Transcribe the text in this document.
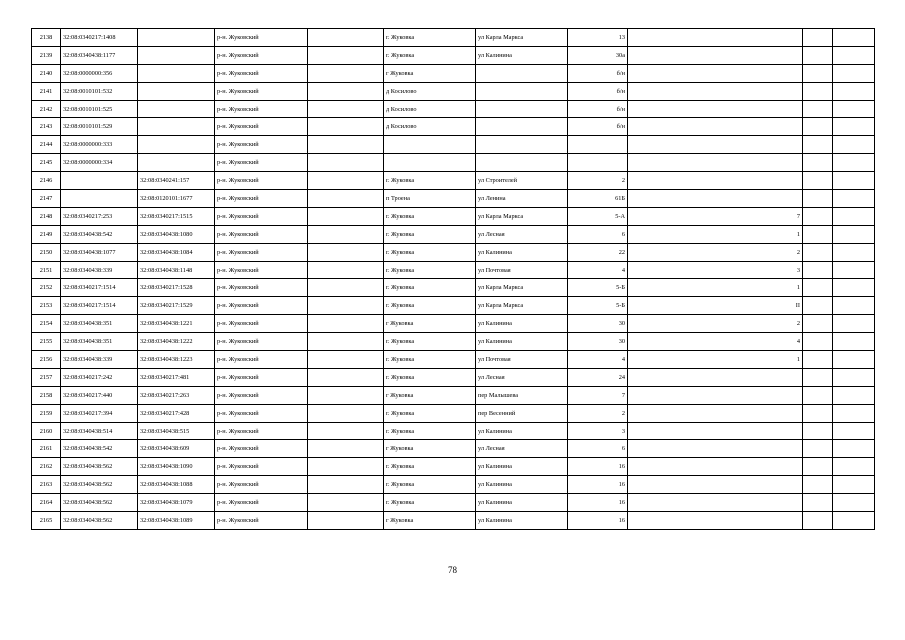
2138	32:08:0340217:1408		р-н. Жуковский		г. Жуковка	ул Карла Маркса	13			
2139	32:08:0340438:1177		р-н. Жуковский		г. Жуковка	ул Калинина	30а			
2140	32:08:0000000:356		р-н. Жуковский		г Жуковка		б/н			
2141	32:08:0010101:532		р-н. Жуковский		д Косилово		б/н			
2142	32:08:0010101:525		р-н. Жуковский		д Косилово		б/н			
2143	32:08:0010101:529		р-н. Жуковский		д Косилово		б/н			
2144	32:08:0000000:333		р-н. Жуковский							
2145	32:08:0000000:334		р-н. Жуковский							
2146		32:08:0340241:157	р-н. Жуковский		г. Жуковка	ул Строителей	2			
2147		32:08:0120101:1677	р-н. Жуковский		п Троена	ул Ленина	61Б			
2148	32:08:0340217:253	32:08:0340217:1515	р-н. Жуковский		г. Жуковка	ул Карла Маркса	5-А	7		
2149	32:08:0340438:542	32:08:0340438:1080	р-н. Жуковский		г. Жуковка	ул Лесная	6	1		
2150	32:08:0340438:1077	32:08:0340438:1084	р-н. Жуковский		г. Жуковка	ул Калинина	22	2		
2151	32:08:0340438:339	32:08:0340438:1148	р-н. Жуковский		г. Жуковка	ул Почтовая	4	3		
2152	32:08:0340217:1514	32:08:0340217:1528	р-н. Жуковский		г. Жуковка	ул Карла Маркса	5-Б	1		
2153	32:08:0340217:1514	32:08:0340217:1529	р-н. Жуковский		г. Жуковка	ул Карла Маркса	5-Б	II		
2154	32:08:0340438:351	32:08:0340438:1221	р-н. Жуковский		г Жуковка	ул Калинина	30	2		
2155	32:08:0340438:351	32:08:0340438:1222	р-н. Жуковский		г. Жуковка	ул Калинина	30	4		
2156	32:08:0340438:339	32:08:0340438:1223	р-н. Жуковский		г. Жуковка	ул Почтовая	4	1		
2157	32:08:0340217:242	32:08:0340217:481	р-н. Жуковский		г. Жуковка	ул Лесная	24			
2158	32:08:0340217:440	32:08:0340217:263	р-н. Жуковский		г Жуковка	пер Малышева	7			
2159	32:08:0340217:394	32:08:0340217:428	р-н. Жуковский		г. Жуковка	пер Весенний	2			
2160	32:08:0340438:514	32:08:0340438:515	р-н. Жуковский		г. Жуковка	ул Калинина	3			
2161	32:08:0340438:542	32:08:0340438:609	р-н. Жуковский		г Жуковка	ул Лесная	6			
2162	32:08:0340438:562	32:08:0340438:1090	р-н. Жуковский		г. Жуковка	ул Калинина	16			
2163	32:08:0340438:562	32:08:0340438:1088	р-н. Жуковский		г. Жуковка	ул Калинина	16			
2164	32:08:0340438:562	32:08:0340438:1079	р-н. Жуковский		г. Жуковка	ул Калинина	16			
2165	32:08:0340438:562	32:08:0340438:1089	р-н. Жуковский		г Жуковка	ул Калинина	16			
78
